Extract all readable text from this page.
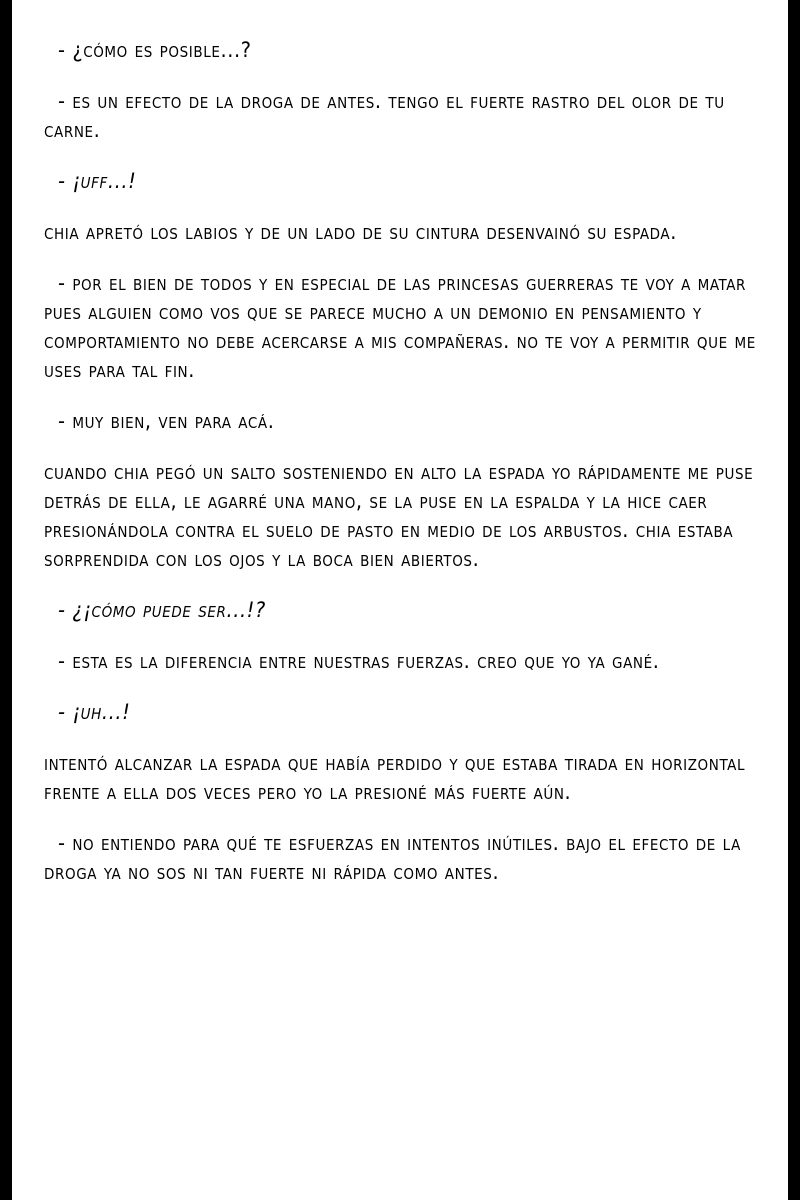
- ¿cómo es posible...?

- es un efecto de la droga de antes. tengo el fuerte rastro del olor de tu carne.

- ¡uff...!

chia apretó los labios y de un lado de su cintura desenvainó su espada.

- por el bien de todos y en especial de las princesas guerreras te voy a matar pues alguien como vos que se parece mucho a un demonio en pensamiento y comportamiento no debe acercarse a mis compañeras. no te voy a permitir que me uses para tal fin.

- muy bien, ven para acá.

cuando chia pegó un salto sosteniendo en alto la espada yo rápidamente me puse detrás de ella, le agarré una mano, se la puse en la espalda y la hice caer presionándola contra el suelo de pasto en medio de los arbustos. chia estaba sorprendida con los ojos y la boca bien abiertos.

- ¿¡cómo puede ser...!?

- esta es la diferencia entre nuestras fuerzas. creo que yo ya gané.

- ¡uh...!

intentó alcanzar la espada que había perdido y que estaba tirada en horizontal frente a ella dos veces pero yo la presioné más fuerte aún.

- no entiendo para qué te esfuerzas en intentos inútiles. bajo el efecto de la droga ya no sos ni tan fuerte ni rápida como antes.
